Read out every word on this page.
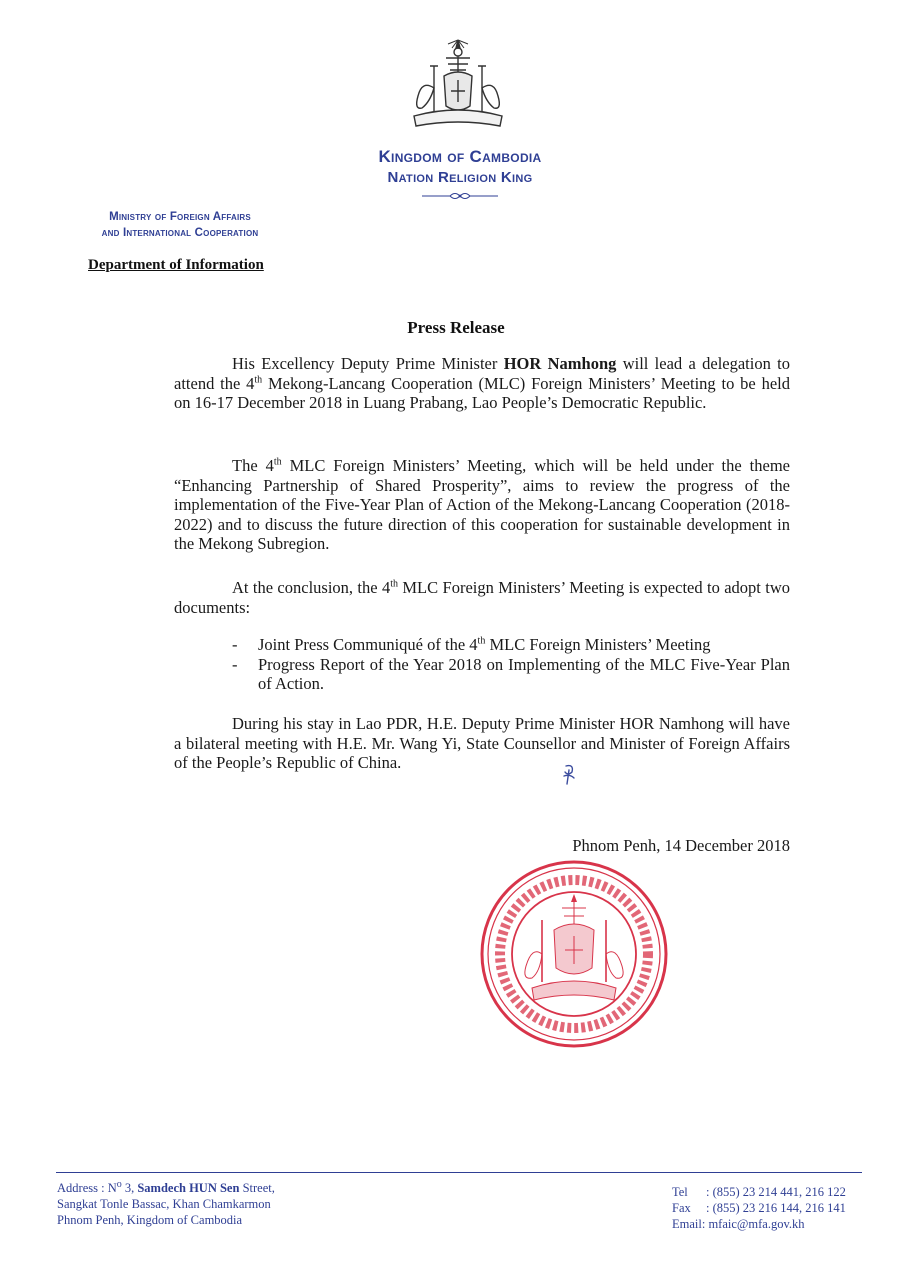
Kingdom of Cambodia
Nation Religion King
Ministry of Foreign Affairs
and International Cooperation
Department of Information
Press Release
His Excellency Deputy Prime Minister HOR Namhong will lead a delegation to attend the 4th Mekong-Lancang Cooperation (MLC) Foreign Ministers’ Meeting to be held on 16-17 December 2018 in Luang Prabang, Lao People’s Democratic Republic.
The 4th MLC Foreign Ministers’ Meeting, which will be held under the theme “Enhancing Partnership of Shared Prosperity”, aims to review the progress of the implementation of the Five-Year Plan of Action of the Mekong-Lancang Cooperation (2018-2022) and to discuss the future direction of this cooperation for sustainable development in the Mekong Subregion.
At the conclusion, the 4th MLC Foreign Ministers’ Meeting is expected to adopt two documents:
- Joint Press Communiqué of the 4th MLC Foreign Ministers’ Meeting
- Progress Report of the Year 2018 on Implementing of the MLC Five-Year Plan of Action.
During his stay in Lao PDR, H.E. Deputy Prime Minister HOR Namhong will have a bilateral meeting with H.E. Mr. Wang Yi, State Counsellor and Minister of Foreign Affairs of the People’s Republic of China.
Phnom Penh, 14 December 2018
Address : $N^o$ 3, Samdech HUN Sen Street,
Sangkat Tonle Bassac, Khan Chamkarmon
Phnom Penh, Kingdom of Cambodia
Tel	: (855) 23 214 441, 216 122
Fax	: (855) 23 216 144, 216 141
Email : mfaic@mfa.gov.kh
